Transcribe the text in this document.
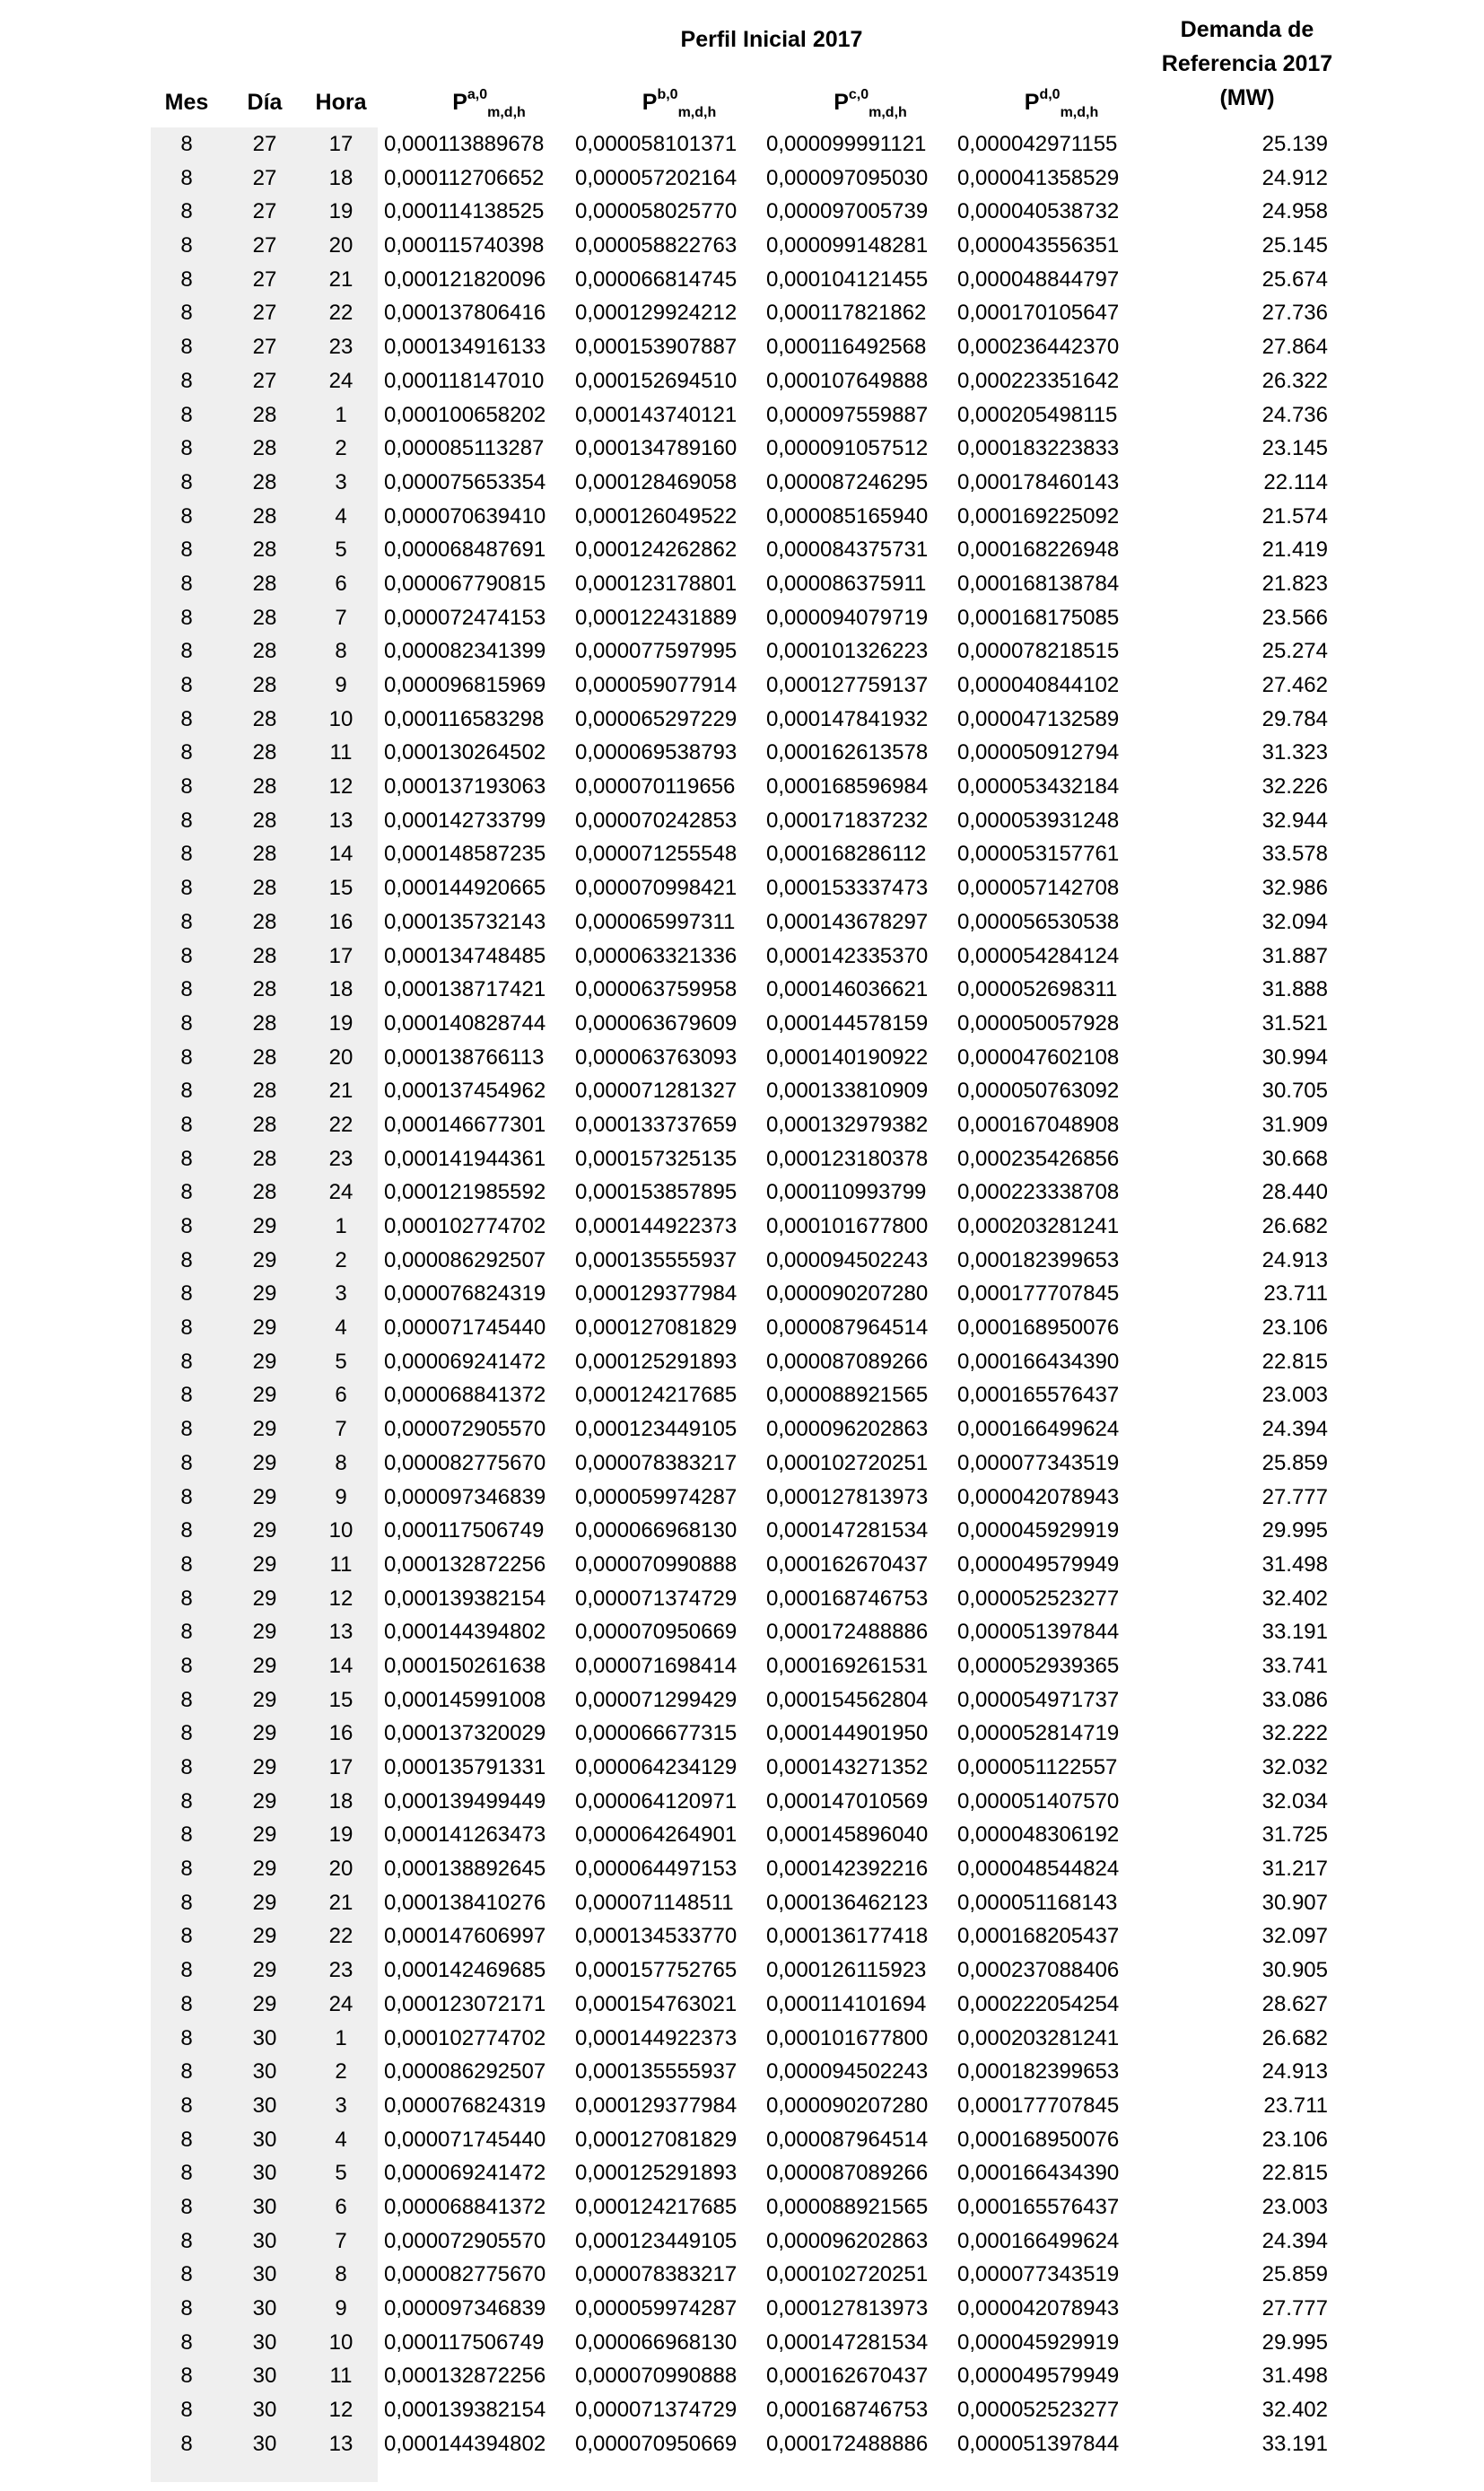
Perfil Inicial 2017	Demanda de Referencia 2017 (MW)
Mes	Día	Hora	P$^{a,0}_{m,d,h}$	P$^{b,0}_{m,d,h}$	P$^{c,0}_{m,d,h}$	P$^{d,0}_{m,d,h}$
8	27	17	0,000113889678	0,000058101371	0,000099991121	0,000042971155	25.139
8	27	18	0,000112706652	0,000057202164	0,000097095030	0,000041358529	24.912
8	27	19	0,000114138525	0,000058025770	0,000097005739	0,000040538732	24.958
8	27	20	0,000115740398	0,000058822763	0,000099148281	0,000043556351	25.145
8	27	21	0,000121820096	0,000066814745	0,000104121455	0,000048844797	25.674
8	27	22	0,000137806416	0,000129924212	0,000117821862	0,000170105647	27.736
8	27	23	0,000134916133	0,000153907887	0,000116492568	0,000236442370	27.864
8	27	24	0,000118147010	0,000152694510	0,000107649888	0,000223351642	26.322
8	28	1	0,000100658202	0,000143740121	0,000097559887	0,000205498115	24.736
8	28	2	0,000085113287	0,000134789160	0,000091057512	0,000183223833	23.145
8	28	3	0,000075653354	0,000128469058	0,000087246295	0,000178460143	22.114
8	28	4	0,000070639410	0,000126049522	0,000085165940	0,000169225092	21.574
8	28	5	0,000068487691	0,000124262862	0,000084375731	0,000168226948	21.419
8	28	6	0,000067790815	0,000123178801	0,000086375911	0,000168138784	21.823
8	28	7	0,000072474153	0,000122431889	0,000094079719	0,000168175085	23.566
8	28	8	0,000082341399	0,000077597995	0,000101326223	0,000078218515	25.274
8	28	9	0,000096815969	0,000059077914	0,000127759137	0,000040844102	27.462
8	28	10	0,000116583298	0,000065297229	0,000147841932	0,000047132589	29.784
8	28	11	0,000130264502	0,000069538793	0,000162613578	0,000050912794	31.323
8	28	12	0,000137193063	0,000070119656	0,000168596984	0,000053432184	32.226
8	28	13	0,000142733799	0,000070242853	0,000171837232	0,000053931248	32.944
8	28	14	0,000148587235	0,000071255548	0,000168286112	0,000053157761	33.578
8	28	15	0,000144920665	0,000070998421	0,000153337473	0,000057142708	32.986
8	28	16	0,000135732143	0,000065997311	0,000143678297	0,000056530538	32.094
8	28	17	0,000134748485	0,000063321336	0,000142335370	0,000054284124	31.887
8	28	18	0,000138717421	0,000063759958	0,000146036621	0,000052698311	31.888
8	28	19	0,000140828744	0,000063679609	0,000144578159	0,000050057928	31.521
8	28	20	0,000138766113	0,000063763093	0,000140190922	0,000047602108	30.994
8	28	21	0,000137454962	0,000071281327	0,000133810909	0,000050763092	30.705
8	28	22	0,000146677301	0,000133737659	0,000132979382	0,000167048908	31.909
8	28	23	0,000141944361	0,000157325135	0,000123180378	0,000235426856	30.668
8	28	24	0,000121985592	0,000153857895	0,000110993799	0,000223338708	28.440
8	29	1	0,000102774702	0,000144922373	0,000101677800	0,000203281241	26.682
8	29	2	0,000086292507	0,000135555937	0,000094502243	0,000182399653	24.913
8	29	3	0,000076824319	0,000129377984	0,000090207280	0,000177707845	23.711
8	29	4	0,000071745440	0,000127081829	0,000087964514	0,000168950076	23.106
8	29	5	0,000069241472	0,000125291893	0,000087089266	0,000166434390	22.815
8	29	6	0,000068841372	0,000124217685	0,000088921565	0,000165576437	23.003
8	29	7	0,000072905570	0,000123449105	0,000096202863	0,000166499624	24.394
8	29	8	0,000082775670	0,000078383217	0,000102720251	0,000077343519	25.859
8	29	9	0,000097346839	0,000059974287	0,000127813973	0,000042078943	27.777
8	29	10	0,000117506749	0,000066968130	0,000147281534	0,000045929919	29.995
8	29	11	0,000132872256	0,000070990888	0,000162670437	0,000049579949	31.498
8	29	12	0,000139382154	0,000071374729	0,000168746753	0,000052523277	32.402
8	29	13	0,000144394802	0,000070950669	0,000172488886	0,000051397844	33.191
8	29	14	0,000150261638	0,000071698414	0,000169261531	0,000052939365	33.741
8	29	15	0,000145991008	0,000071299429	0,000154562804	0,000054971737	33.086
8	29	16	0,000137320029	0,000066677315	0,000144901950	0,000052814719	32.222
8	29	17	0,000135791331	0,000064234129	0,000143271352	0,000051122557	32.032
8	29	18	0,000139499449	0,000064120971	0,000147010569	0,000051407570	32.034
8	29	19	0,000141263473	0,000064264901	0,000145896040	0,000048306192	31.725
8	29	20	0,000138892645	0,000064497153	0,000142392216	0,000048544824	31.217
8	29	21	0,000138410276	0,000071148511	0,000136462123	0,000051168143	30.907
8	29	22	0,000147606997	0,000134533770	0,000136177418	0,000168205437	32.097
8	29	23	0,000142469685	0,000157752765	0,000126115923	0,000237088406	30.905
8	29	24	0,000123072171	0,000154763021	0,000114101694	0,000222054254	28.627
8	30	1	0,000102774702	0,000144922373	0,000101677800	0,000203281241	26.682
8	30	2	0,000086292507	0,000135555937	0,000094502243	0,000182399653	24.913
8	30	3	0,000076824319	0,000129377984	0,000090207280	0,000177707845	23.711
8	30	4	0,000071745440	0,000127081829	0,000087964514	0,000168950076	23.106
8	30	5	0,000069241472	0,000125291893	0,000087089266	0,000166434390	22.815
8	30	6	0,000068841372	0,000124217685	0,000088921565	0,000165576437	23.003
8	30	7	0,000072905570	0,000123449105	0,000096202863	0,000166499624	24.394
8	30	8	0,000082775670	0,000078383217	0,000102720251	0,000077343519	25.859
8	30	9	0,000097346839	0,000059974287	0,000127813973	0,000042078943	27.777
8	30	10	0,000117506749	0,000066968130	0,000147281534	0,000045929919	29.995
8	30	11	0,000132872256	0,000070990888	0,000162670437	0,000049579949	31.498
8	30	12	0,000139382154	0,000071374729	0,000168746753	0,000052523277	32.402
8	30	13	0,000144394802	0,000070950669	0,000172488886	0,000051397844	33.191
